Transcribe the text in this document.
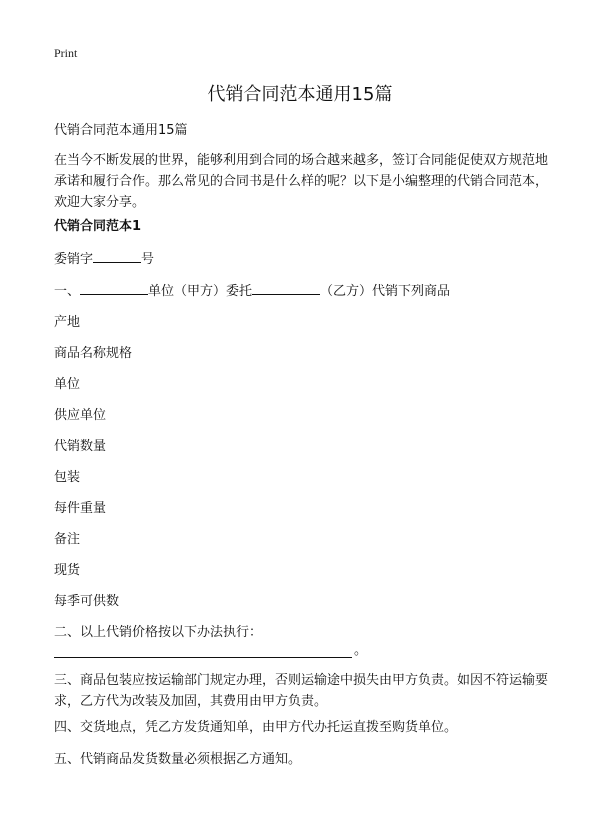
Print
代销合同范本通用15篇
代销合同范本通用15篇
在当今不断发展的世界，能够利用到合同的场合越来越多，签订合同能促使双方规范地承诺和履行合作。那么常见的合同书是什么样的呢？以下是小编整理的代销合同范本，欢迎大家分享。
代销合同范本1
委销字	号
一、	单位（甲方）委托	（乙方）代销下列商品
产地
商品名称规格
单位
供应单位
代销数量
包装
每件重量
备注
现货
每季可供数
二、以上代销价格按以下办法执行：
。
三、商品包装应按运输部门规定办理，否则运输途中损失由甲方负责。如因不符运输要求，乙方代为改装及加固，其费用由甲方负责。
四、交货地点，凭乙方发货通知单，由甲方代办托运直拨至购货单位。
五、代销商品发货数量必须根据乙方通知。
